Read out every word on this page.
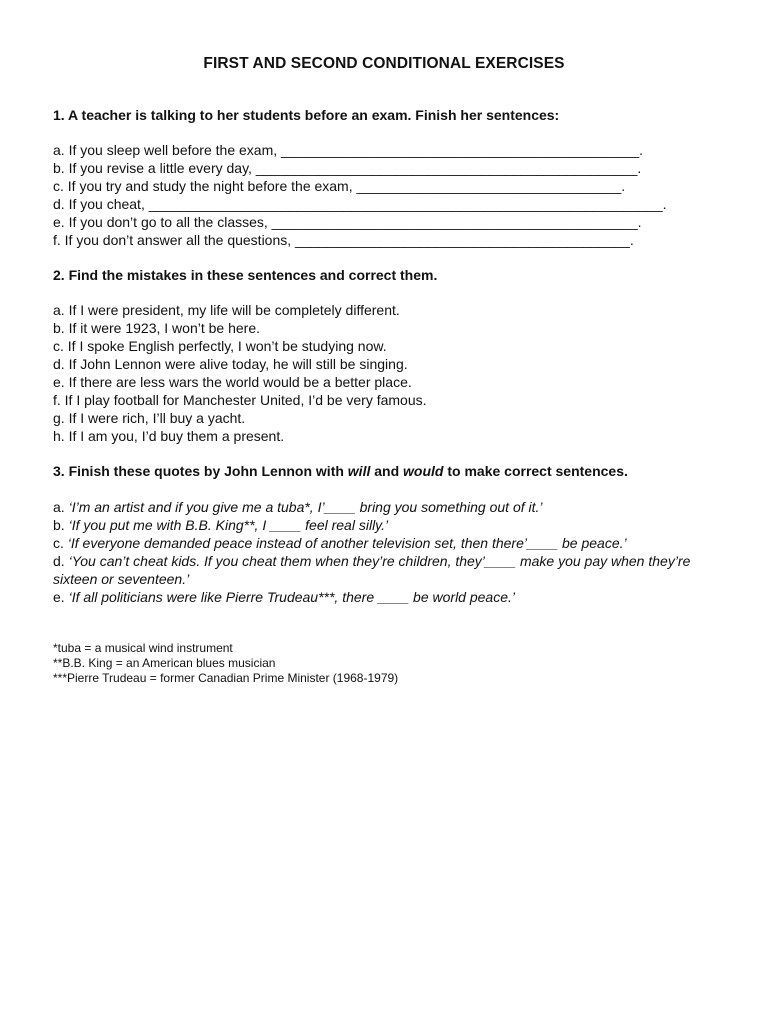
FIRST AND SECOND CONDITIONAL EXERCISES
1. A teacher is talking to her students before an exam. Finish her sentences:
a. If you sleep well before the exam, ______________________________________________.
b. If you revise a little every day, _________________________________________________.
c. If you try and study the night before the exam, __________________________________.
d. If you cheat, __________________________________________________________________.
e. If you don’t go to all the classes, _______________________________________________.
f. If you don’t answer all the questions, ___________________________________________.
2. Find the mistakes in these sentences and correct them.
a. If I were president, my life will be completely different.
b. If it were 1923, I won’t be here.
c. If I spoke English perfectly, I won’t be studying now.
d. If John Lennon were alive today, he will still be singing.
e. If there are less wars the world would be a better place.
f. If I play football for Manchester United, I’d be very famous.
g. If I were rich, I’ll buy a yacht.
h. If I am you, I’d buy them a present.
3. Finish these quotes by John Lennon with will and would to make correct sentences.
a. ‘I’m an artist and if you give me a tuba*, I’____ bring you something out of it.’
b. ‘If you put me with B.B. King**, I ____ feel real silly.’
c. ‘If everyone demanded peace instead of another television set, then there’____ be peace.’
d. ‘You can’t cheat kids. If you cheat them when they’re children, they’____ make you pay when they’re sixteen or seventeen.’
e. ‘If all politicians were like Pierre Trudeau***, there ____ be world peace.’
*tuba = a musical wind instrument
**B.B. King = an American blues musician
***Pierre Trudeau = former Canadian Prime Minister (1968-1979)
